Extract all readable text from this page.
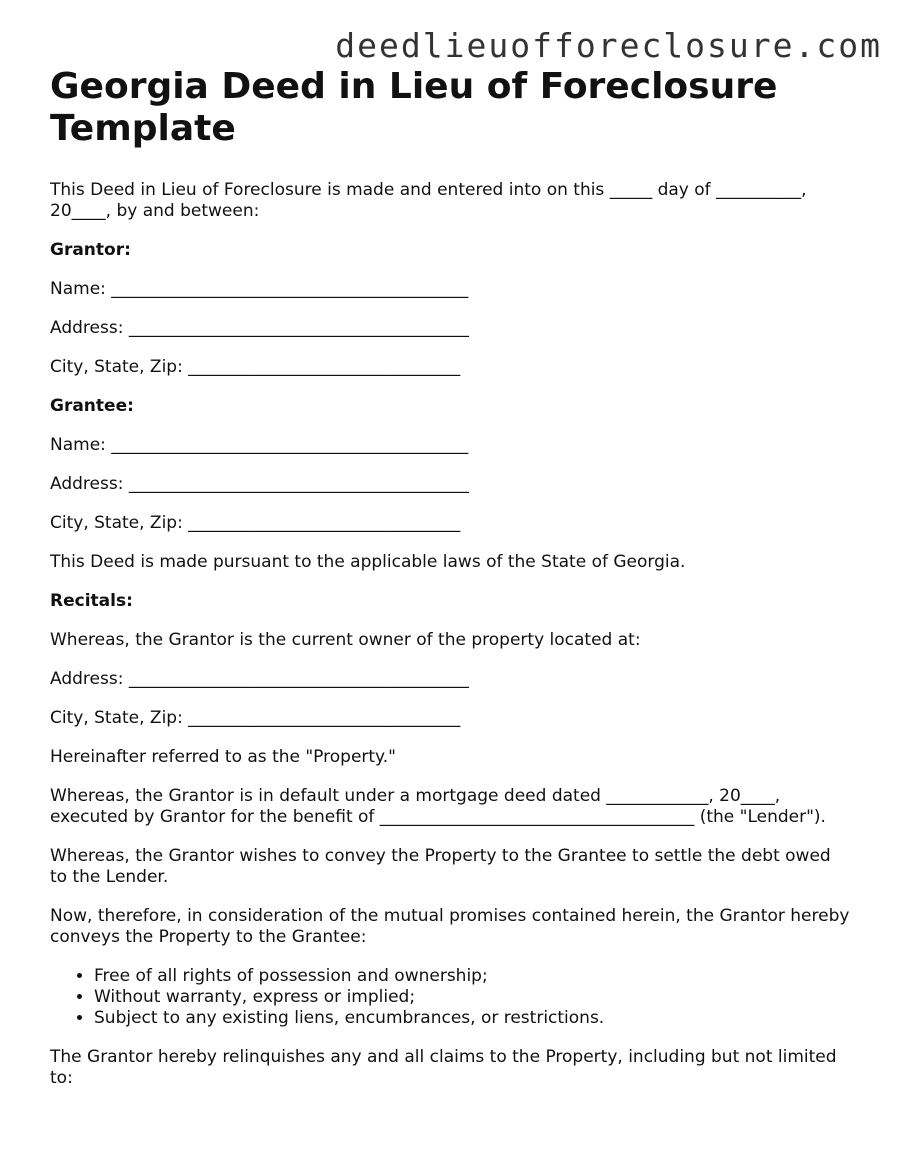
deedlieuofforeclosure.com
Georgia Deed in Lieu of Foreclosure Template

This Deed in Lieu of Foreclosure is made and entered into on this _____ day of __________, 20____, by and between:

Grantor:

Name: __________________________________________

Address: ________________________________________

City, State, Zip: ________________________________

Grantee:

Name: __________________________________________

Address: ________________________________________

City, State, Zip: ________________________________

This Deed is made pursuant to the applicable laws of the State of Georgia.

Recitals:

Whereas, the Grantor is the current owner of the property located at:

Address: ________________________________________

City, State, Zip: ________________________________

Hereinafter referred to as the "Property."

Whereas, the Grantor is in default under a mortgage deed dated ____________, 20____, executed by Grantor for the benefit of _____________________________________ (the "Lender").

Whereas, the Grantor wishes to convey the Property to the Grantee to settle the debt owed to the Lender.

Now, therefore, in consideration of the mutual promises contained herein, the Grantor hereby conveys the Property to the Grantee:

• Free of all rights of possession and ownership;
• Without warranty, express or implied;
• Subject to any existing liens, encumbrances, or restrictions.

The Grantor hereby relinquishes any and all claims to the Property, including but not limited to:
